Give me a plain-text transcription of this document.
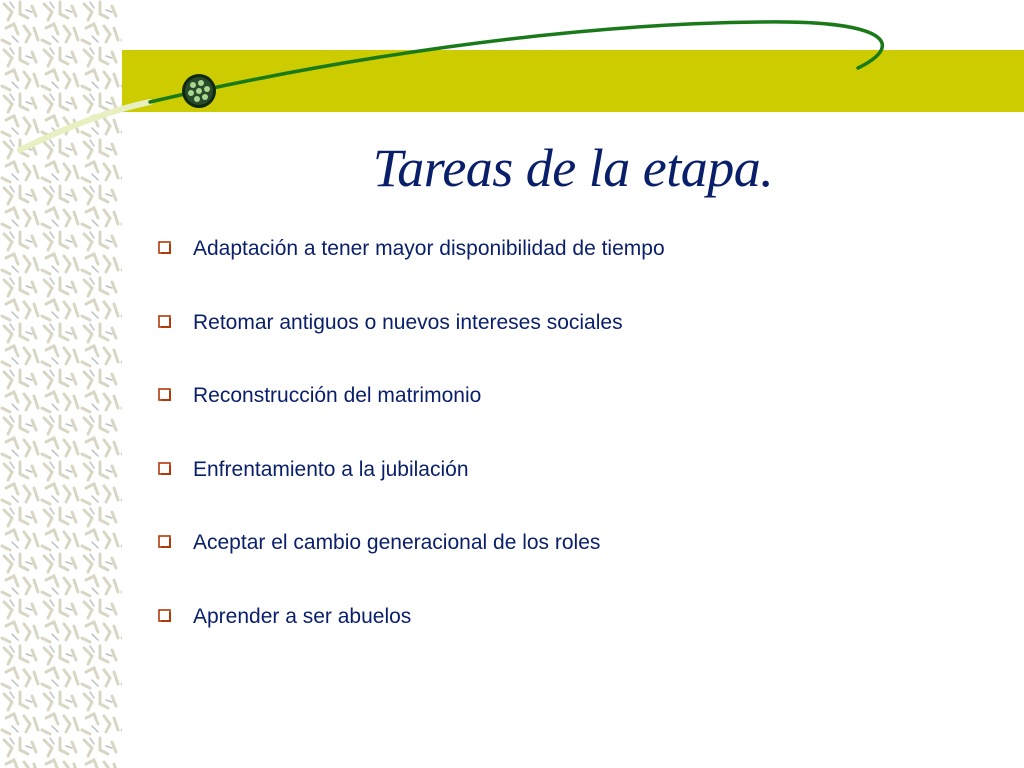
Tareas de la etapa.
Adaptación a tener mayor disponibilidad de tiempo
Retomar antiguos o nuevos intereses sociales
Reconstrucción del matrimonio
Enfrentamiento a la jubilación
Aceptar el cambio generacional de los roles
Aprender a ser abuelos
